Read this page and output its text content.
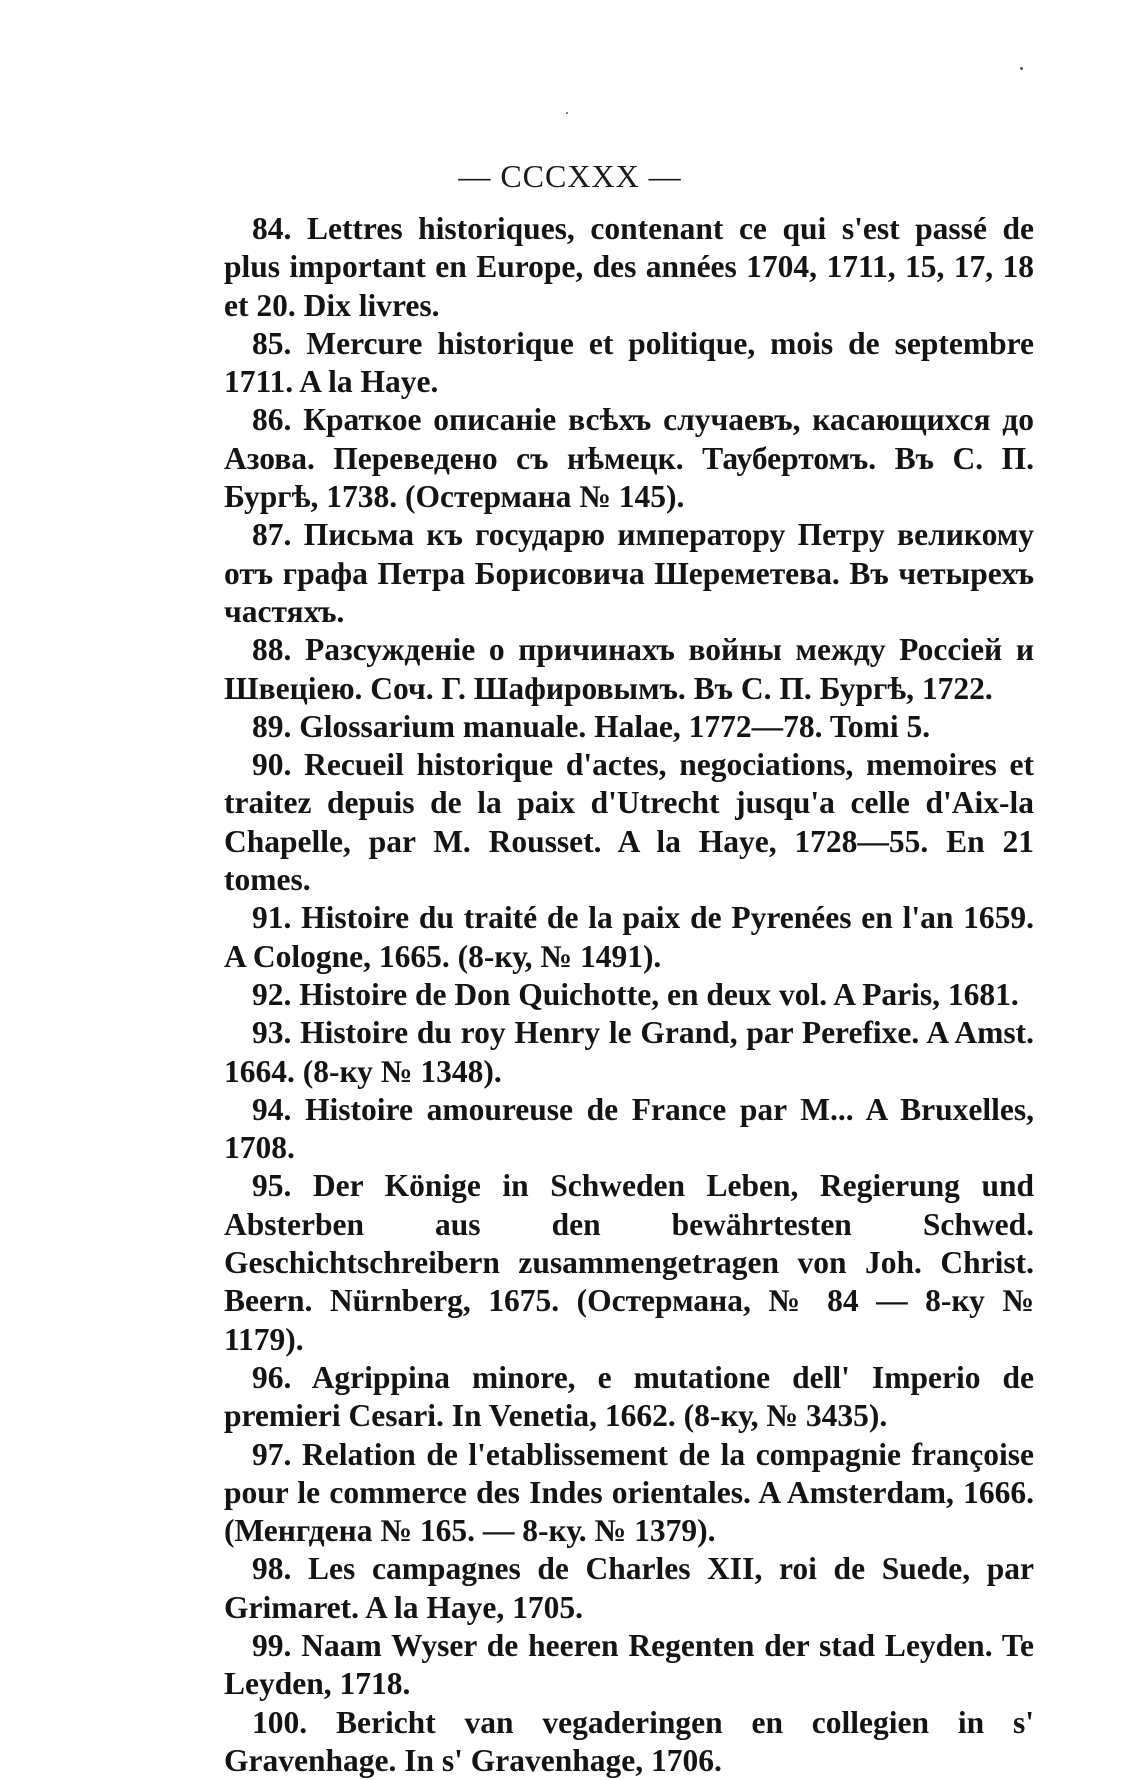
— CCCXXX —

84. Lettres historiques, contenant ce qui s'est passé de plus important en Europe, des années 1704, 1711, 15, 17, 18 et 20. Dix livres.

85. Mercure historique et politique, mois de septembre 1711. A la Haye.

86. Краткое описаніе всѣхъ случаевъ, касающихся до Азова. Переведено съ нѣмецк. Таубертомъ. Въ С. П. Бургѣ, 1738. (Остермана № 145).

87. Письма къ государю императору Петру великому отъ графа Петра Борисовича Шереметева. Въ четырехъ частяхъ.

88. Разсужденіе о причинахъ войны между Россіей и Швеціею. Соч. Г. Шафировымъ. Въ С. П. Бургѣ, 1722.

89. Glossarium manuale. Halae, 1772—78. Tomi 5.

90. Recueil historique d'actes, negociations, memoires et traitez depuis de la paix d'Utrecht jusqu'a celle d'Aix-la Chapelle, par M. Rousset. A la Haye, 1728—55. En 21 tomes.

91. Histoire du traité de la paix de Pyrenées en l'an 1659. A Cologne, 1665. (8-ку, № 1491).

92. Histoire de Don Quichotte, en deux vol. A Paris, 1681.

93. Histoire du roy Henry le Grand, par Perefixe. A Amst. 1664. (8-ку № 1348).

94. Histoire amoureuse de France par M... A Bruxelles, 1708.

95. Der Könige in Schweden Leben, Regierung und Absterben aus den bewährtesten Schwed. Geschichtschreibern zusammengetragen von Joh. Christ. Beern. Nürnberg, 1675. (Остермана, № 84 — 8-ку № 1179).

96. Agrippina minore, e mutatione dell' Imperio de premieri Cesari. In Venetia, 1662. (8-ку, № 3435).

97. Relation de l'etablissement de la compagnie françoise pour le commerce des Indes orientales. A Amsterdam, 1666. (Менгдена № 165. — 8-ку. № 1379).

98. Les campagnes de Charles XII, roi de Suede, par Grimaret. A la Haye, 1705.

99. Naam Wyser de heeren Regenten der stad Leyden. Te Leyden, 1718.

100. Bericht van vegaderingen en collegien in s' Gravenhage. In s' Gravenhage, 1706.
